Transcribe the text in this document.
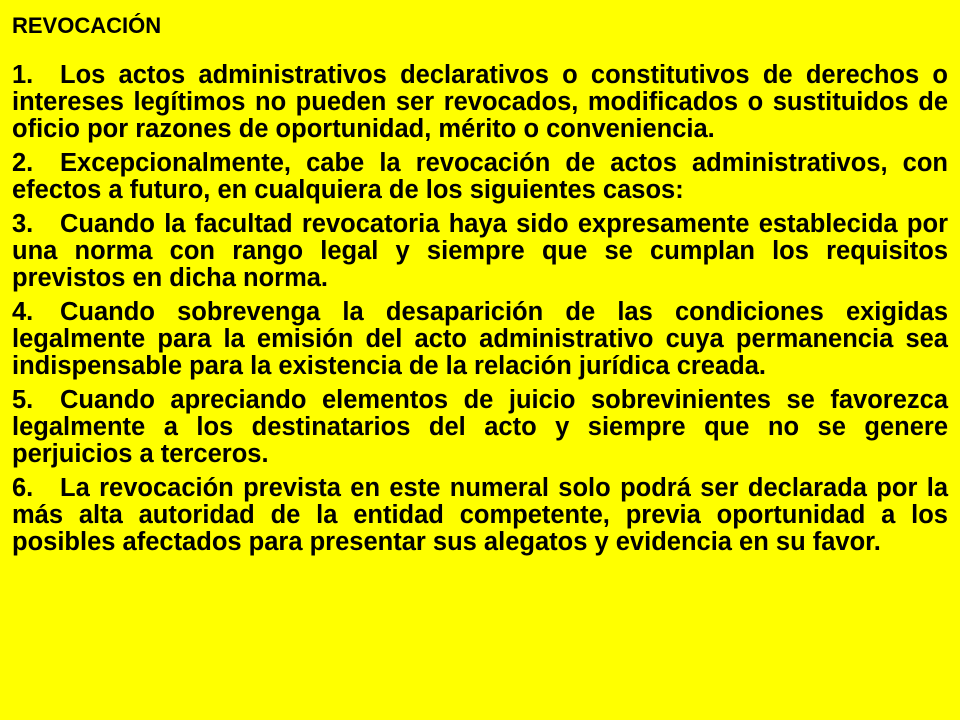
REVOCACIÓN
1. Los actos administrativos declarativos o constitutivos de derechos o intereses legítimos no pueden ser revocados, modificados o sustituidos de oficio por razones de oportunidad, mérito o conveniencia.
2. Excepcionalmente, cabe la revocación de actos administrativos, con efectos a futuro, en cualquiera de los siguientes casos:
3. Cuando la facultad revocatoria haya sido expresamente establecida por una norma con rango legal y siempre que se cumplan los requisitos previstos en dicha norma.
4. Cuando sobrevenga la desaparición de las condiciones exigidas legalmente para la emisión del acto administrativo cuya permanencia sea indispensable para la existencia de la relación jurídica creada.
5. Cuando apreciando elementos de juicio sobrevinientes se favorezca legalmente a los destinatarios del acto y siempre que no se genere perjuicios a terceros.
6. La revocación prevista en este numeral solo podrá ser declarada por la más alta autoridad de la entidad competente, previa oportunidad a los posibles afectados para presentar sus alegatos y evidencia en su favor.
